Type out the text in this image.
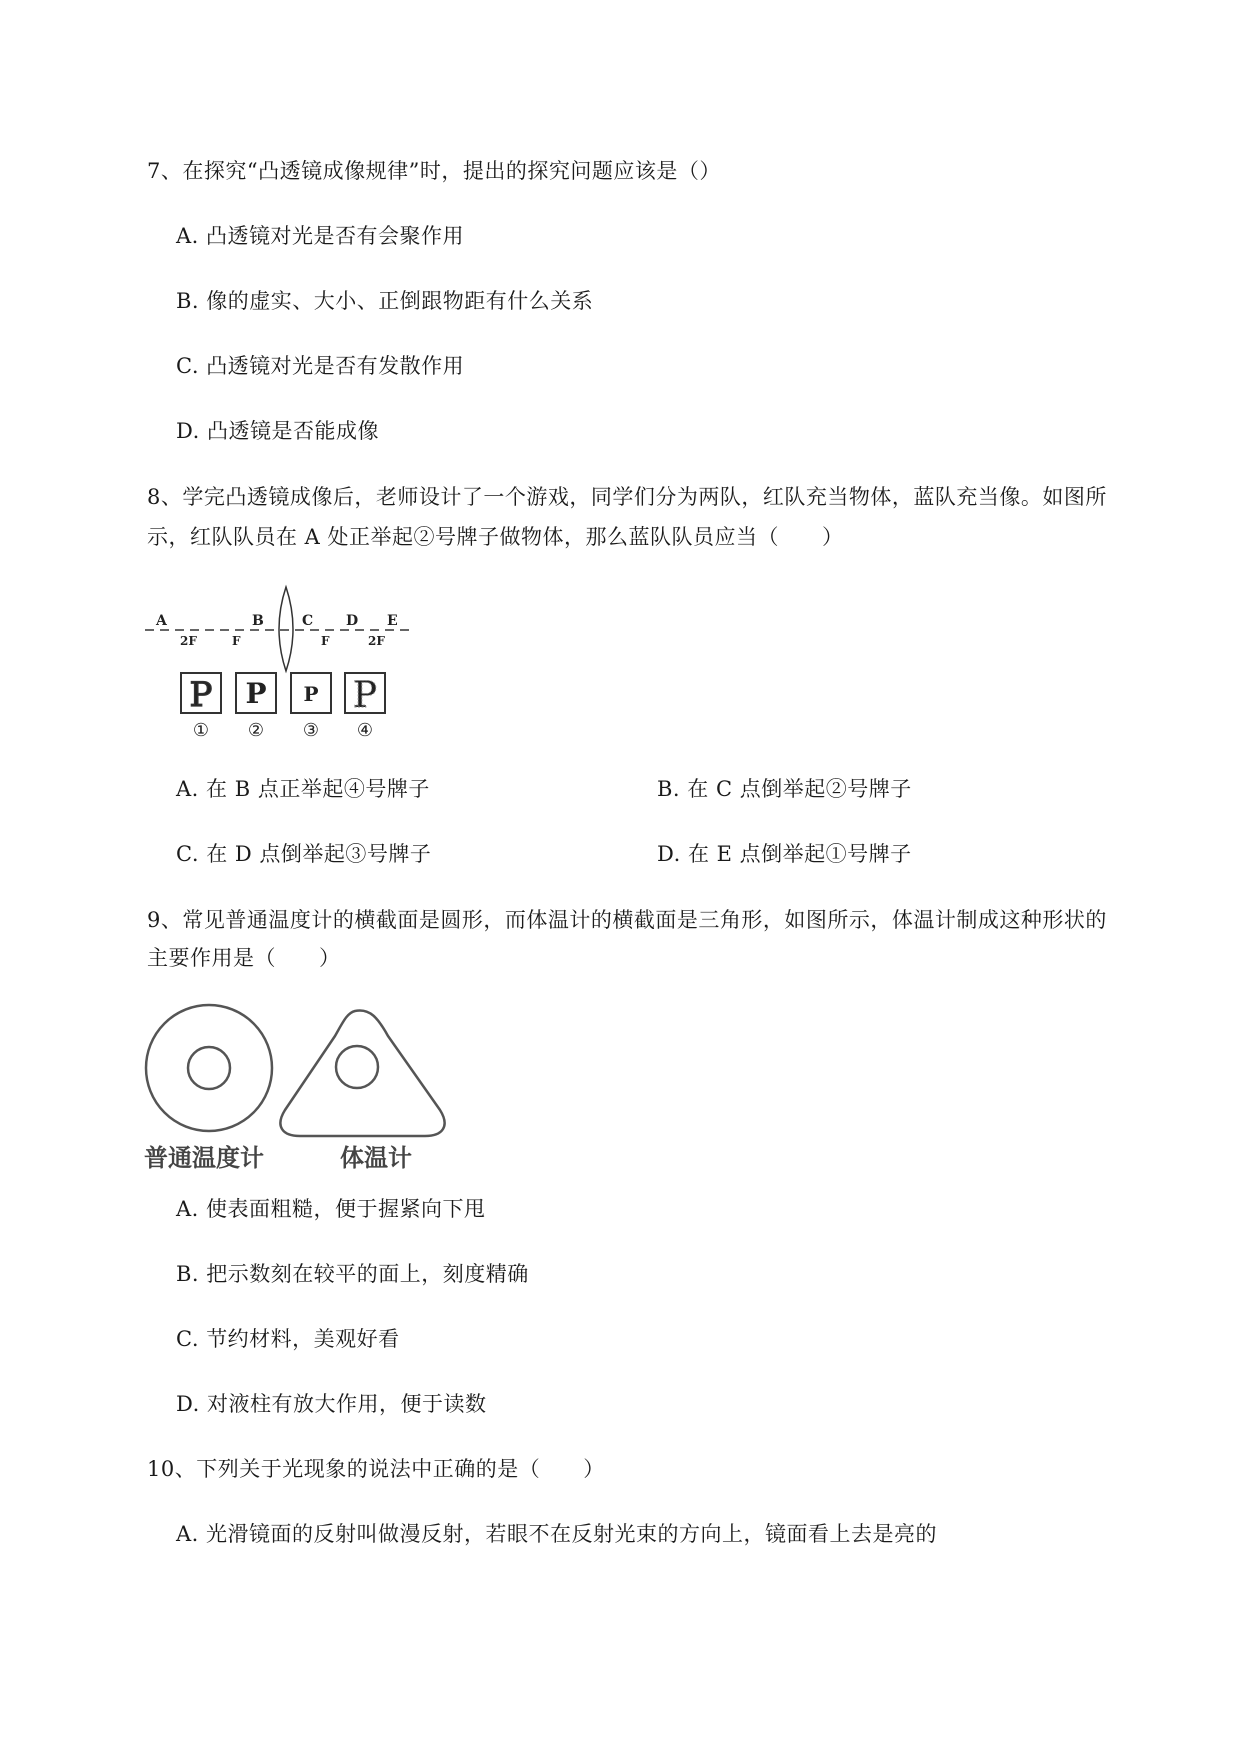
7、在探究“凸透镜成像规律”时，提出的探究问题应该是（）
A. 凸透镜对光是否有会聚作用
B. 像的虚实、大小、正倒跟物距有什么关系
C. 凸透镜对光是否有发散作用
D. 凸透镜是否能成像
8、学完凸透镜成像后，老师设计了一个游戏，同学们分为两队，红队充当物体，蓝队充当像。如图所
示，红队队员在 A 处正举起②号牌子做物体，那么蓝队队员应当（　　）
A	B	C D E
2F	F	F	2F
P P P P
① ② ③ ④
A. 在 B 点正举起④号牌子	B. 在 C 点倒举起②号牌子
C. 在 D 点倒举起③号牌子	D. 在 E 点倒举起①号牌子
9、常见普通温度计的横截面是圆形，而体温计的横截面是三角形，如图所示，体温计制成这种形状的
主要作用是（　　）
普通温度计	体温计
A. 使表面粗糙，便于握紧向下甩
B. 把示数刻在较平的面上，刻度精确
C. 节约材料，美观好看
D. 对液柱有放大作用，便于读数
10、下列关于光现象的说法中正确的是（　　）
A. 光滑镜面的反射叫做漫反射，若眼不在反射光束的方向上，镜面看上去是亮的
